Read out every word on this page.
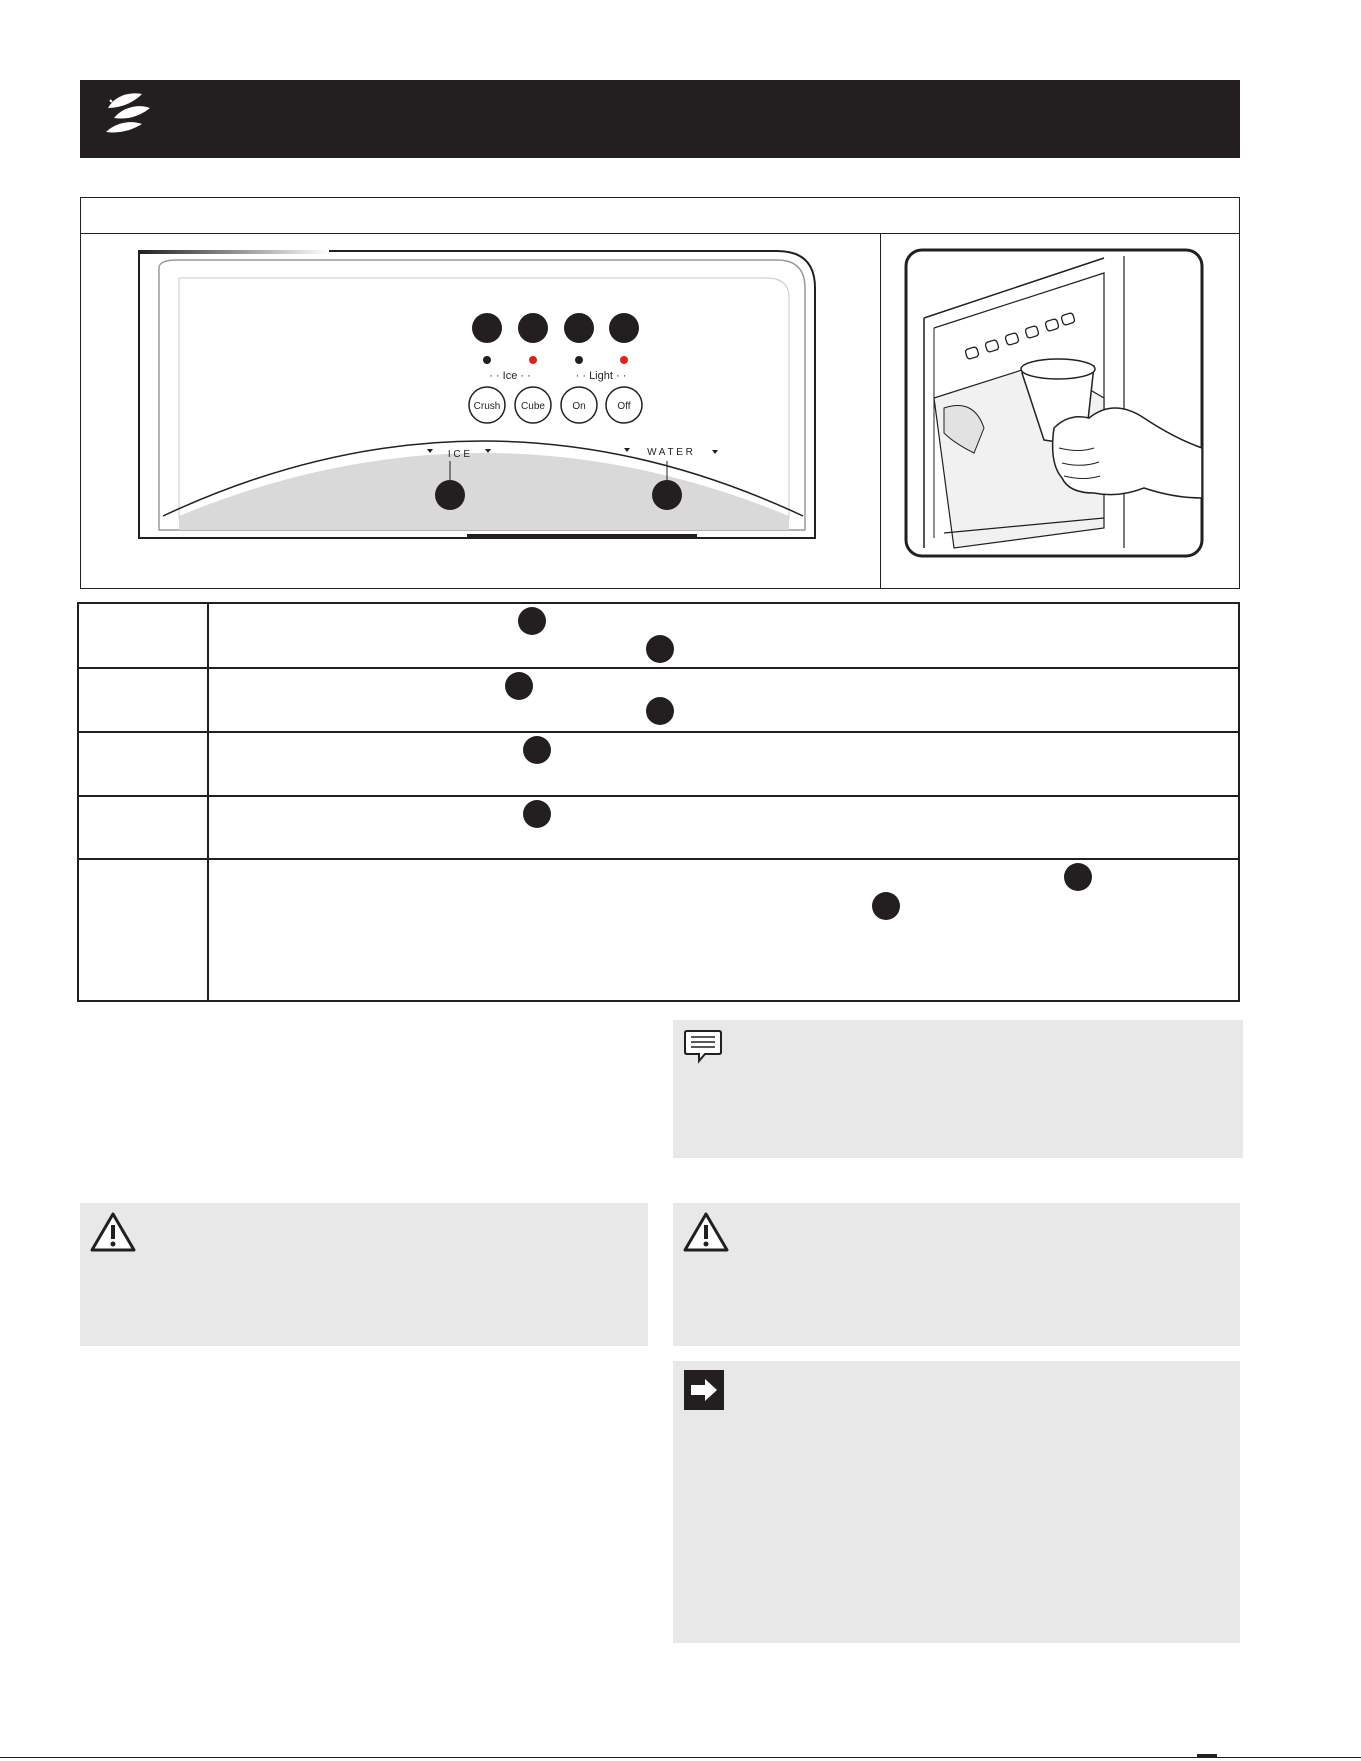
· · Ice · ·	· · Light · ·
Crush Cube	On	Off
I C E	W A T E R
